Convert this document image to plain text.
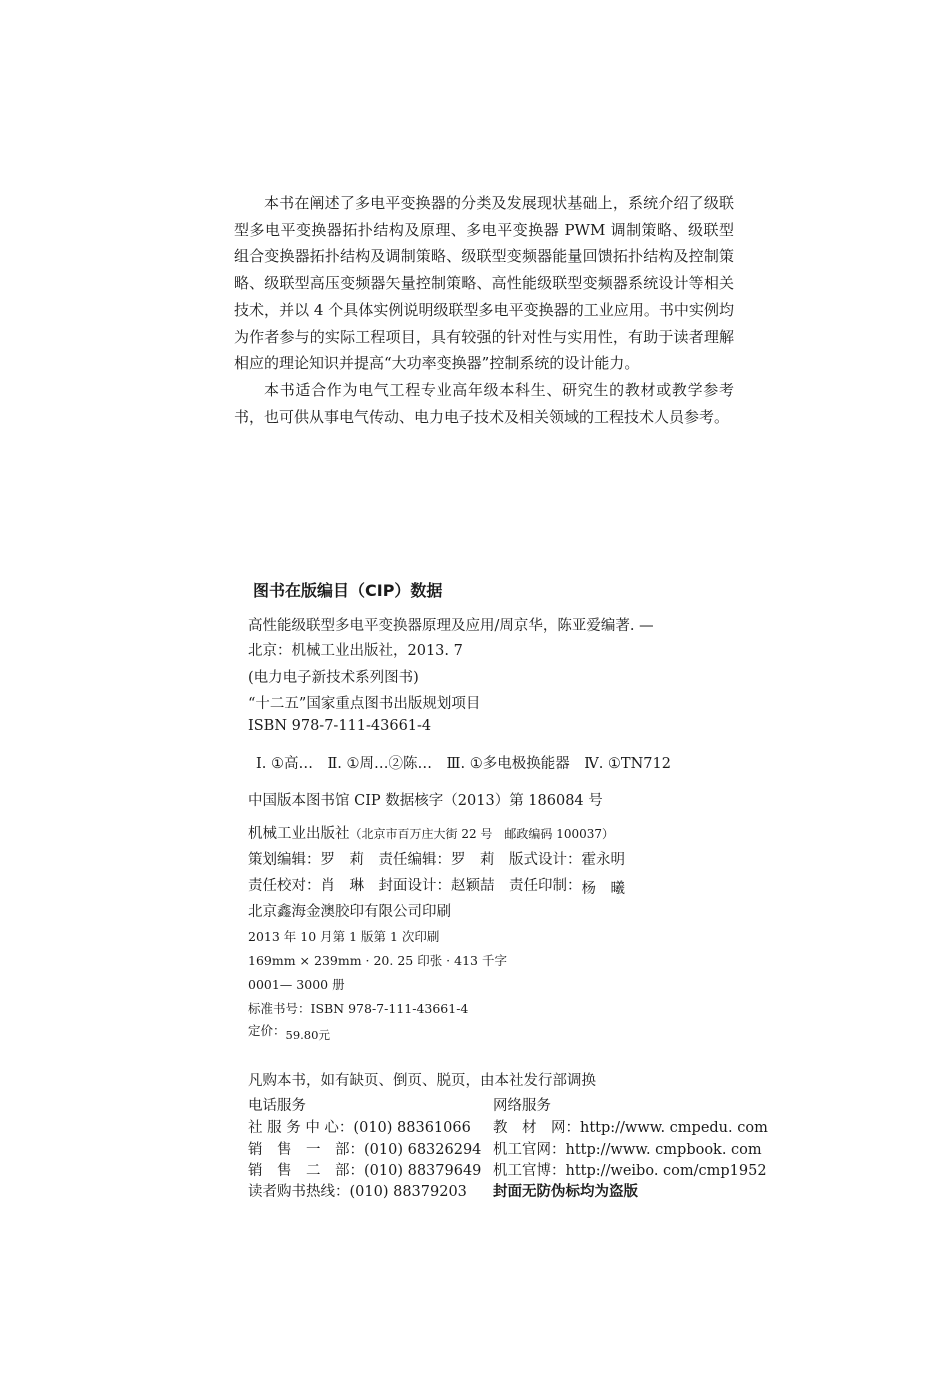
本书在阐述了多电平变换器的分类及发展现状基础上，系统介绍了级联型多电平变换器拓扑结构及原理、多电平变换器 PWM 调制策略、级联型组合变换器拓扑结构及调制策略、级联型变频器能量回馈拓扑结构及控制策略、级联型高压变频器矢量控制策略、高性能级联型变频器系统设计等相关技术，并以 4 个具体实例说明级联型多电平变换器的工业应用。书中实例均为作者参与的实际工程项目，具有较强的针对性与实用性，有助于读者理解相应的理论知识并提高“大功率变换器”控制系统的设计能力。

本书适合作为电气工程专业高年级本科生、研究生的教材或教学参考书，也可供从事电气传动、电力电子技术及相关领域的工程技术人员参考。

图书在版编目（CIP）数据
高性能级联型多电平变换器原理及应用/周京华，陈亚爱编著. —
北京：机械工业出版社，2013. 7
(电力电子新技术系列图书)
“十二五”国家重点图书出版规划项目
ISBN 978-7-111-43661-4
Ⅰ. ①高…　Ⅱ. ①周…②陈…　Ⅲ. ①多电极换能器　Ⅳ. ①TN712
中国版本图书馆 CIP 数据核字（2013）第 186084 号
机械工业出版社（北京市百万庄大街 22 号　邮政编码 100037）
策划编辑：罗　莉　责任编辑：罗　莉　版式设计：霍永明
责任校对：肖　琳　封面设计：赵颖喆　责任印制：杨　曦
北京鑫海金澳胶印有限公司印刷
2013 年 10 月第 1 版第 1 次印刷
169mm × 239mm · 20. 25 印张 · 413 千字
0001— 3000 册
标准书号：ISBN 978-7-111-43661-4
定价：59.80元
凡购本书，如有缺页、倒页、脱页，由本社发行部调换
电话服务	网络服务
社 服 务 中 心：(010) 88361066 教　材　网：http://www. cmpedu. com
销　售　一　部：(010) 68326294 机工官网：http://www. cmpbook. com
销　售　二　部：(010) 88379649 机工官博：http://weibo. com/cmp1952
读者购书热线：(010) 88379203 封面无防伪标均为盗版
